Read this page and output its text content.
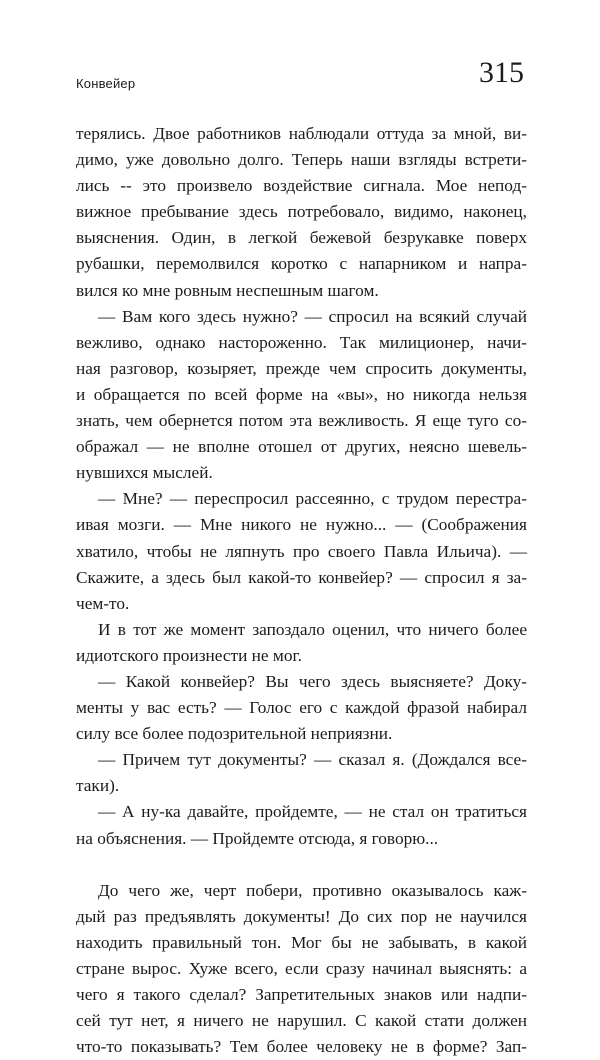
Конвейер	315
терялись. Двое работников наблюдали оттуда за мной, ви-
димо, уже довольно долго. Теперь наши взгляды встрети-
лись -- это произвело воздействие сигнала. Мое непод-
вижное пребывание здесь потребовало, видимо, наконец,
выяснения. Один, в легкой бежевой безрукавке поверх
рубашки, перемолвился коротко с напарником и напра-
вился ко мне ровным неспешным шагом.
— Вам кого здесь нужно? — спросил на всякий случай
вежливо, однако настороженно. Так милиционер, начи-
ная разговор, козыряет, прежде чем спросить документы,
и обращается по всей форме на «вы», но никогда нельзя
знать, чем обернется потом эта вежливость. Я еще туго со-
ображал — не вполне отошел от других, неясно шевель-
нувшихся мыслей.
— Мне? — переспросил рассеянно, с трудом перестра-
ивая мозги. — Мне никого не нужно... — (Соображения
хватило, чтобы не ляпнуть про своего Павла Ильича). —
Скажите, а здесь был какой-то конвейер? — спросил я за-
чем-то.
И в тот же момент запоздало оценил, что ничего более
идиотского произнести не мог.
— Какой конвейер? Вы чего здесь выясняете? Доку-
менты у вас есть? — Голос его с каждой фразой набирал
силу все более подозрительной неприязни.
— Причем тут документы? — сказал я. (Дождался все-
таки).
— А ну-ка давайте, пройдемте, — не стал он тратиться
на объяснения. — Пройдемте отсюда, я говорю...
До чего же, черт побери, противно оказывалось каж-
дый раз предъявлять документы! До сих пор не научился
находить правильный тон. Мог бы не забывать, в какой
стране вырос. Хуже всего, если сразу начинал выяснять: а
чего я такого сделал? Запретительных знаков или надпи-
сей тут нет, я ничего не нарушил. С какой стати должен
что-то показывать? Тем более человеку не в форме? Зап-
